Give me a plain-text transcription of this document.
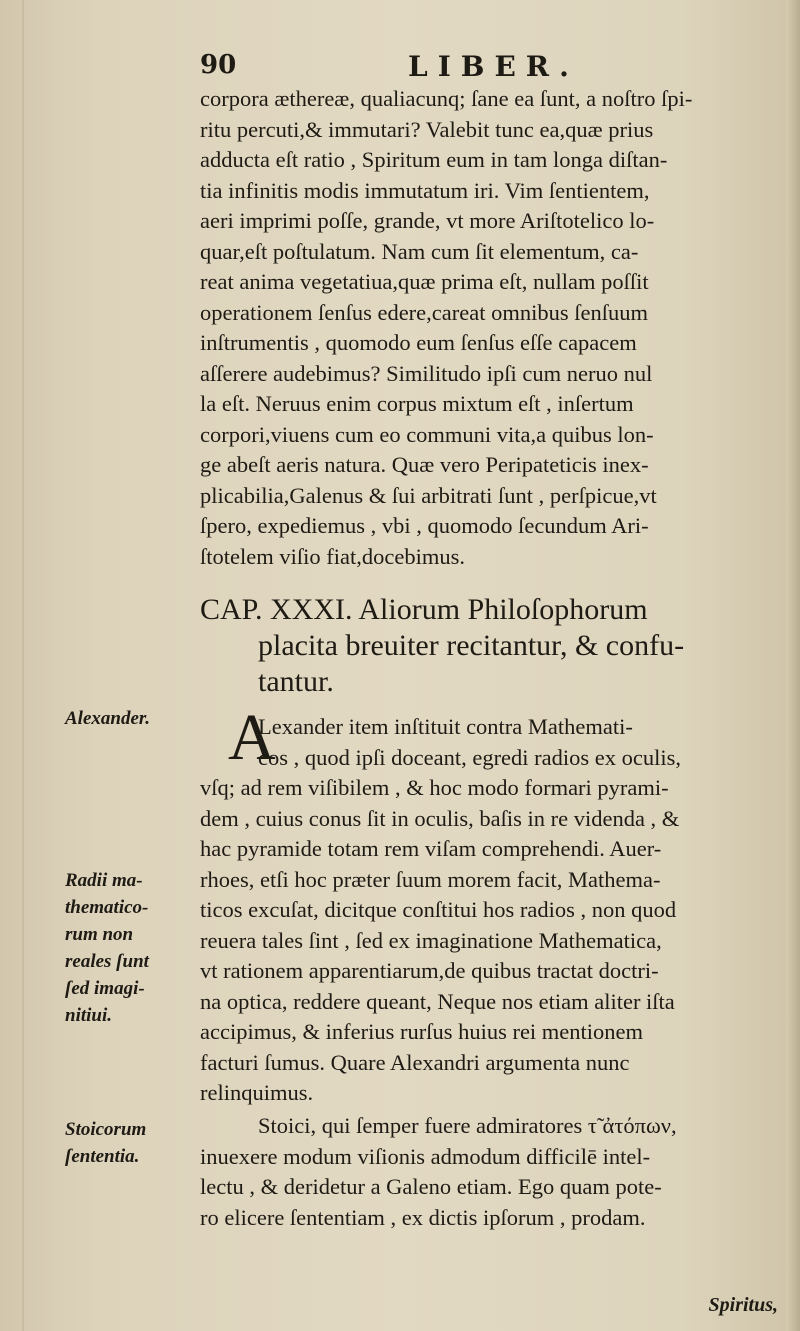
90	LIBER.
corpora æthereæ, qualiacunq; ſane ea ſunt, a noſtro ſpi-
ritu percuti,& immutari? Valebit tunc ea,quæ prius
adducta eſt ratio , Spiritum eum in tam longa diſtan-
tia infinitis modis immutatum iri. Vim ſentientem,
aeri imprimi poſſe, grande, vt more Ariſtotelico lo-
quar,eſt poſtulatum. Nam cum ſit elementum, ca-
reat anima vegetatiua,quæ prima eſt, nullam poſſit
operationem ſenſus edere,careat omnibus ſenſuum
inſtrumentis , quomodo eum ſenſus eſſe capacem
aſſerere audebimus? Similitudo ipſi cum neruo nul
la eſt. Neruus enim corpus mixtum eſt , inſertum
corpori,viuens cum eo communi vita,a quibus lon-
ge abeſt aeris natura. Quæ vero Peripateticis inex-
plicabilia,Galenus & ſui arbitrati ſunt , perſpicue,vt
ſpero, expediemus , vbi , quomodo ſecundum Ari-
ſtotelem viſio fiat,docebimus.
CAP. XXXI. Aliorum Philoſophorum
placita breuiter recitantur, & confu-
tantur.
A
Lexander item inſtituit contra Mathemati-
cos , quod ipſi doceant, egredi radios ex oculis,
vſq; ad rem viſibilem , & hoc modo formari pyrami-
dem , cuius conus ſit in oculis, baſis in re videnda , &
hac pyramide totam rem viſam comprehendi. Auer-
rhoes, etſi hoc præter ſuum morem facit, Mathema-
ticos excuſat, dicitque conſtitui hos radios , non quod
reuera tales ſint , ſed ex imaginatione Mathematica,
vt rationem apparentiarum,de quibus tractat doctri-
na optica, reddere queant, Neque nos etiam aliter iſta
accipimus, & inferius rurſus huius rei mentionem
facturi ſumus. Quare Alexandri argumenta nunc
relinquimus.
Stoici, qui ſemper fuere admiratores τ̃ ἀτόπων,
inuexere modum viſionis admodum difficilē intel-
lectu , & deridetur a Galeno etiam. Ego quam pote-
ro elicere ſententiam , ex dictis ipſorum , prodam.
Alexander.
Radii ma-
thematico-
rum non
reales ſunt
ſed imagi-
nitiui.
Stoicorum
ſententia.
Spiritus,
